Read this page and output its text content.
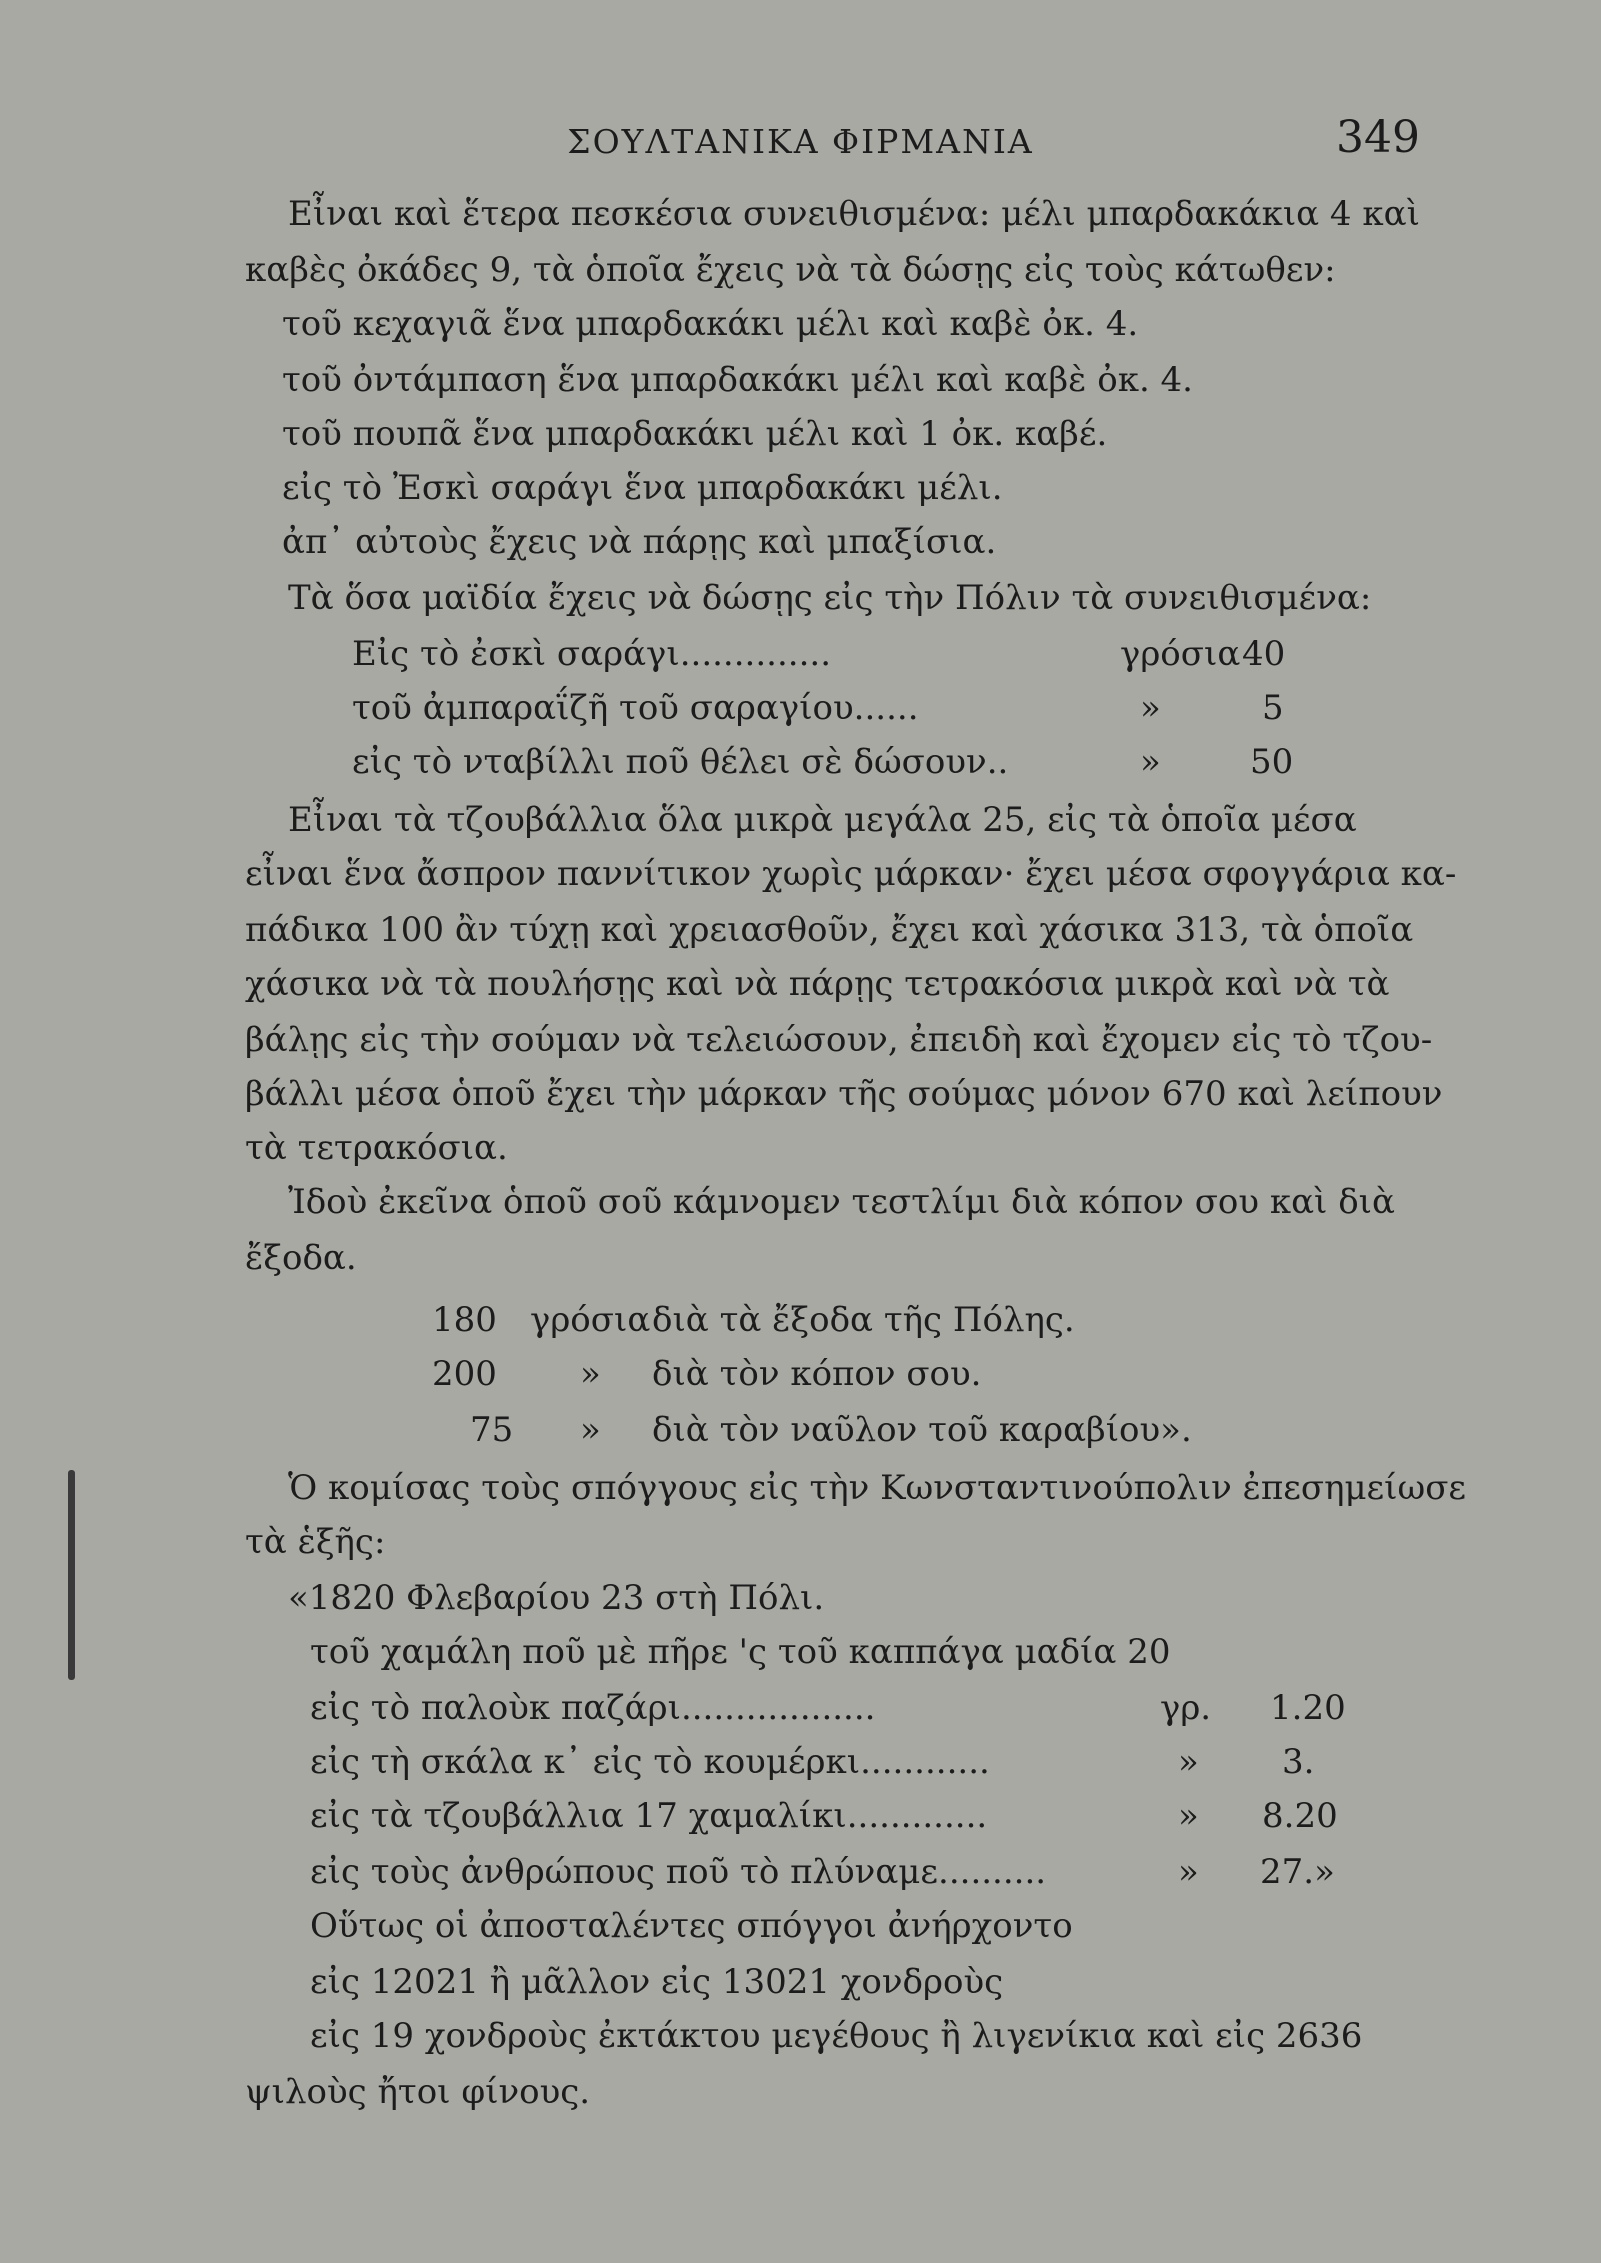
ΣΟΥΛΤΑΝΙΚΑ ΦΙΡΜΑΝΙΑ	349
Εἶναι καὶ ἕτερα πεσκέσια συνειθισμένα: μέλι μπαρδακάκια 4 καὶ
καβὲς ὀκάδες 9, τὰ ὁποῖα ἔχεις νὰ τὰ δώσῃς εἰς τοὺς κάτωθεν:
τοῦ κεχαγιᾶ ἕνα μπαρδακάκι μέλι καὶ καβὲ ὀκ. 4.
τοῦ ὀντάμπαση ἕνα μπαρδακάκι μέλι καὶ καβὲ ὀκ. 4.
τοῦ πουπᾶ ἕνα μπαρδακάκι μέλι καὶ 1 ὀκ. καβέ.
εἰς τὸ Ἐσκὶ σαράγι ἕνα μπαρδακάκι μέλι.
ἀπ᾽ αὐτοὺς ἔχεις νὰ πάρῃς καὶ μπαξίσια.
Τὰ ὅσα μαϊδία ἔχεις νὰ δώσῃς εἰς τὴν Πόλιν τὰ συνειθισμένα:
Εἰς τὸ ἐσκὶ σαράγι..............	γρόσια 40
τοῦ ἀμπαραΐζῆ τοῦ σαραγίου......	»	5
εἰς τὸ νταβίλλι ποῦ θέλει σὲ δώσουν..	»	50
Εἶναι τὰ τζουβάλλια ὅλα μικρὰ μεγάλα 25, εἰς τὰ ὁποῖα μέσα
εἶναι ἕνα ἄσπρον παννίτικον χωρὶς μάρκαν· ἔχει μέσα σφογγάρια κα-
πάδικα 100 ἂν τύχῃ καὶ χρειασθοῦν, ἔχει καὶ χάσικα 313, τὰ ὁποῖα
χάσικα νὰ τὰ πουλήσῃς καὶ νὰ πάρῃς τετρακόσια μικρὰ καὶ νὰ τὰ
βάλῃς εἰς τὴν σούμαν νὰ τελειώσουν, ἐπειδὴ καὶ ἔχομεν εἰς τὸ τζου-
βάλλι μέσα ὁποῦ ἔχει τὴν μάρκαν τῆς σούμας μόνον 670 καὶ λείπουν
τὰ τετρακόσια.
Ἰδοὺ ἐκεῖνα ὁποῦ σοῦ κάμνομεν τεστλίμι διὰ κόπον σου καὶ διὰ
ἔξοδα.
180 γρόσια διὰ τὰ ἔξοδα τῆς Πόλης.
200 » διὰ τὸν κόπον σου.
75 » διὰ τὸν ναῦλον τοῦ καραβίου».
Ὁ κομίσας τοὺς σπόγγους εἰς τὴν Κωνσταντινούπολιν ἐπεσημείωσε
τὰ ἑξῆς:
«1820 Φλεβαρίου 23 στὴ Πόλι.
τοῦ χαμάλη ποῦ μὲ πῆρε 'ς τοῦ καππάγα μαδία 20
εἰς τὸ παλοὺκ παζάρι..................	γρ. 1.20
εἰς τὴ σκάλα κ᾽ εἰς τὸ κουμέρκι............	» 3.
εἰς τὰ τζουβάλλια 17 χαμαλίκι.............	» 8.20
εἰς τοὺς ἀνθρώπους ποῦ τὸ πλύναμε..........	» 27.»
Οὕτως οἱ ἀποσταλέντες σπόγγοι ἀνήρχοντο
εἰς 12021 ἢ μᾶλλον εἰς 13021 χονδροὺς
εἰς 19 χονδροὺς ἐκτάκτου μεγέθους ἢ λιγενίκια καὶ εἰς 2636
ψιλοὺς ἤτοι φίνους.
